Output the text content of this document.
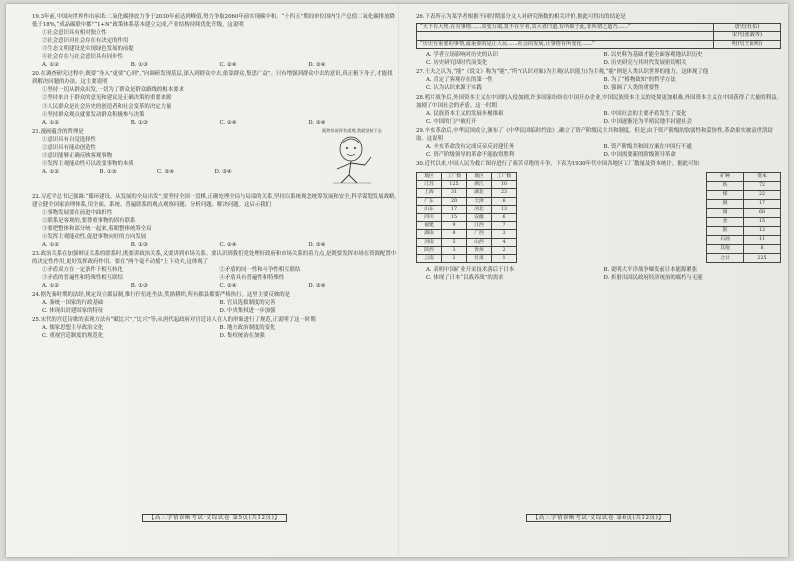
19.3年前,中国向世界作出承诺:二氧化碳排放力争于2030年前达到峰值,努力争取2060年前实现碳中和。“十四五”期间单位国内生产总值二氧化碳排放降低于18%,“成品碳联中都”“1+N”政策体系基本建立完成,产业结构持续优化升级。这说明

①社会意识具有相对独立性

②社会意识对社会存在有决定的作用

③生态文明建设是实现绿色发展的前提

④社会存在与社会意识具有同步性

A. ①②	B. ①③	C. ②④	D. ③④

20.在调查研究过程中,既要“身入”更要“心到”,“向调研发现基层,深入到群众中去,依靠群众,集思广益”。只有增强到群众中去的意识,真正俯下身子,才能找到解决问题的办法。这主要说明

①坚持一切从群众出发,一切为了群众是群众路线的根本要求

②坚持来自于群众的意见和建议是正确决策的重要来源

③人民群众是社会历史的创造者和社会变革的决定力量

④坚持群众观点就要发动群众积极参与决策

A. ①②	B. ①③	C. ②④	D. ③④

既然你说得有道理,我就坚持下去

21.漫画蕴含的哲理是

①意识具有自觉选择性

②意识具有能动创造性

③意识能够正确反映客观事物

④发挥主观能动性可以改变事物的本质

A. ①②	B. ①③	C. ②④	D. ③④

22.习近平总书记强调:“循环建设、从发展的全局出发”,要坚持全国一盘棋,正确处理全局与局部的关系,坚持以系统观念统筹发展和安全,科学谋划发展战略,建立健全国家治理体系,用全面、系统、普遍联系的观点观察问题、分析问题、解决问题。这启示我们

①事物发展要在前进中曲折性

②联系是客观的,要尊重事物的固有联系

③要把整体和部分统一起来,着眼整体统筹全局

④发挥主观能动性,促进事物向好的方向发展

A. ①②	B. ①③	C. ②④	D. ③④

23.政治关系在加强辩证关系的联系时,既要讲政治关系,又要讲到市场关系。要认识到我们党处理好政府和市场关系的着力点,是既要发挥市场在资源配置中的决定性作用,更好发挥政府作用。要在“两个毫不动摇”上下功夫,这体现了

①矛盾双方在一定条件下相互转化	②矛盾的同一性和斗争性相互联结
③矛盾的普遍性和特殊性相互联结	④矛盾具有普遍性和特殊性
A. ①②	B. ①③	C. ②④	D. ③④

24.据先秦时期的法经,规定设立郡县制,推行什伍连坐法,奖励耕织,所有郡县都要严格执行。这里主要反映的是

A. 秦统一国家的行政基础	B. 官员选拔制度的完善
C. 体现出封建国家的特征	D. 中央集权进一步加强

25.宋代的宫廷诗歌的表现方法有“赋比兴”,“比兴”等;从唐代起政府对宫廷诗人在人的形象进行了规范,正说明了这一时期

A. 儒家思想主导政治文化	B. 地方政治制度的变化
C. 重视宫廷制度的规范化	D. 集权统治在加强
【高三学情诊断考试·文综试卷 第5页(共12页)】

26.下表所示为某学者根据不同时期部分文人对研究指数的相关评价,据此可得出的结论是

“天下有大势,在有事情……其变万端,莫不在乎者,其大者曰道,有所取于此,非所谓之道乃……”	唐史(杜佑)
	宋代(张载等)
“历史有重要的事情,最重要的是让人民……社会的发展,让事情有所变化……”	明代(王阳明)
A. 学者立场影响对历史的认识	B. 以史料为基础才能全面客观地认识历史
C. 历史研究因时代而变化	D. 历史研究与其时代发展密切相关

27.王夫之认为,“能”《说文》称为“能”,“所”(认识对象)为主观(认识能力)为主观,“能”则是人类认识世界的能力。这体现了他

A. 肯定了客观存在的第一性	B. 为了“格物致知”的哲学方法
C. 认为认识来源于实践	D. 强调了人类的重要性

28.鸦片战争后,外国资本主义在中国的入侵加剧,许多国家纷纷在中国开办企业,中国民族资本主义的处境更加艰难,外国资本主义在中国获得了大量的利益,加剧了中国社会的矛盾。这一时期

A. 民族资本主义的发展步履维艰	B. 中国社会的主要矛盾发生了变化
C. 中国的门户被打开	D. 中国逐渐沦为半殖民地半封建社会

29.辛亥革命后,中华民国成立,颁布了《中华民国临时约法》,确立了资产阶级民主共和制度。但是,由于资产阶级的软弱性和妥协性,革命果实被袁世凯窃取。这说明

A. 辛亥革命没有完成反帝反封建任务	B. 资产阶级共和国方案在中国行不通
C. 资产阶级领导的革命不能取得胜利	D. 中国需要新的阶级领导革命

30.近代以来,中国人民为救亡图存进行了艰苦卓绝的斗争。下表为1930年代中国各地区工厂数量及资本统计。据此可知

地区	工厂数	地区	工厂数
江苏	125	浙江	10
上海	31	湖北	23
广东	20	天津	6
山东	17	河北	13
四川	15	安徽	6
福建	9	江西	7
湖南	8	广西	3
河南	5	山西	4
陕西	3	贵州	2
云南	2	甘肃	1
矿种	资本
铁	72
煤	22
铜	17
锡	68
金	15
银	12
石油	11
其他	8
合计	225
A. 表明中国矿业开采技术落后于日本	B. 说明大平洋战争爆发前日本能源紧张
C. 体现了日本“以战养战”的需求	D. 折射出国民政府经济统治的腐朽与无能
【高三学情诊断考试·文综试卷 第6页(共12页)】
